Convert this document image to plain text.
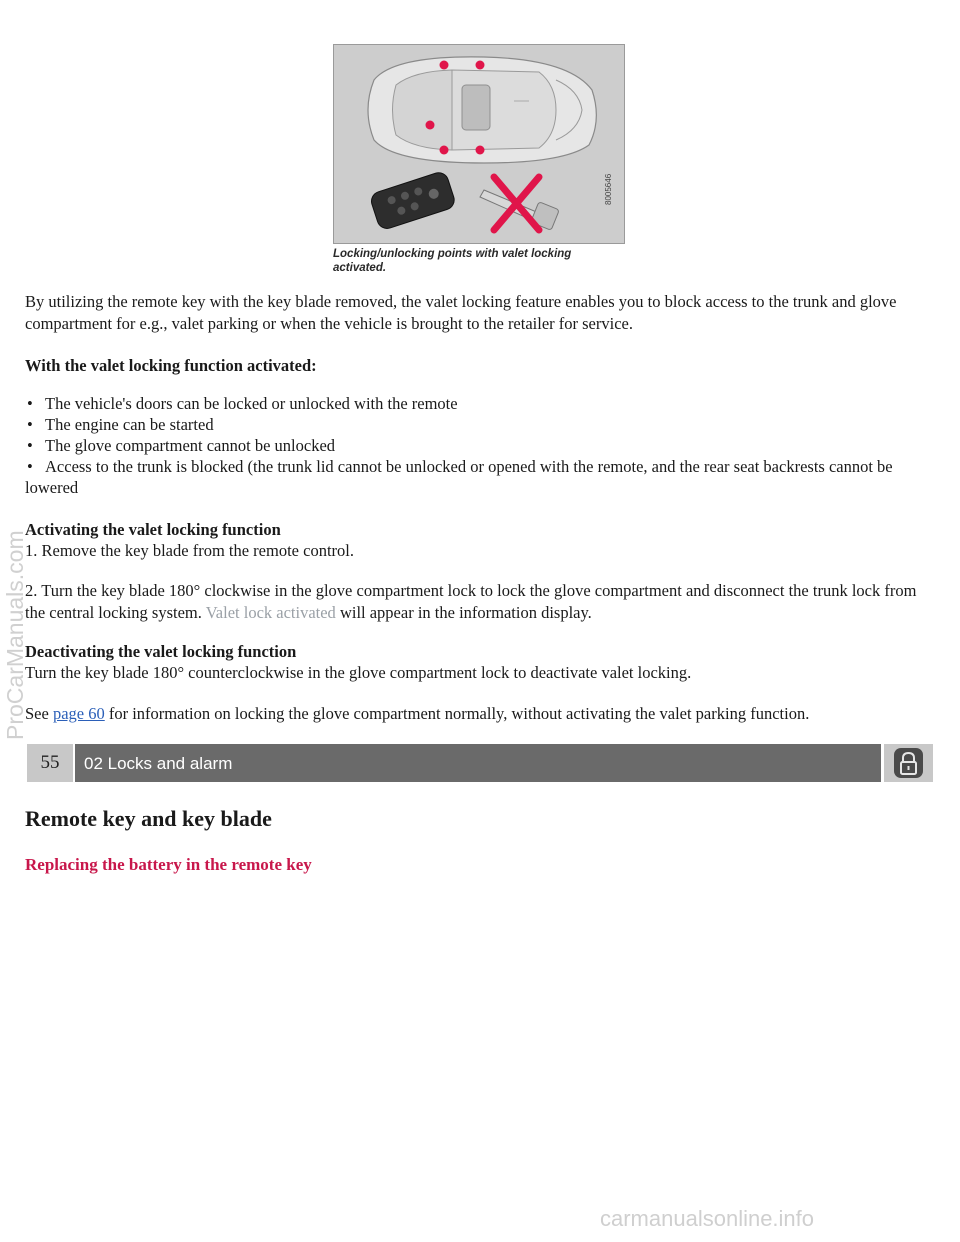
8005646
Locking/unlocking points with valet locking activated.

By utilizing the remote key with the key blade removed, the valet locking feature enables you to block access to the trunk and glove compartment for e.g., valet parking or when the vehicle is brought to the retailer for service.

With the valet locking function activated:

• The vehicle's doors can be locked or unlocked with the remote
• The engine can be started
• The glove compartment cannot be unlocked
• Access to the trunk is blocked (the trunk lid cannot be unlocked or opened with the remote, and the rear seat backrests cannot be lowered

Activating the valet locking function

1. Remove the key blade from the remote control.

2. Turn the key blade 180° clockwise in the glove compartment lock to lock the glove compartment and disconnect the trunk lock from the central locking system. Valet lock activated will appear in the information display.

Deactivating the valet locking function

Turn the key blade 180° counterclockwise in the glove compartment lock to deactivate valet locking.

See page 60 for information on locking the glove compartment normally, without activating the valet parking function.

55	02 Locks and alarm
Remote key and key blade
Replacing the battery in the remote key
ProCarManuals.com
carmanualsonline.info
